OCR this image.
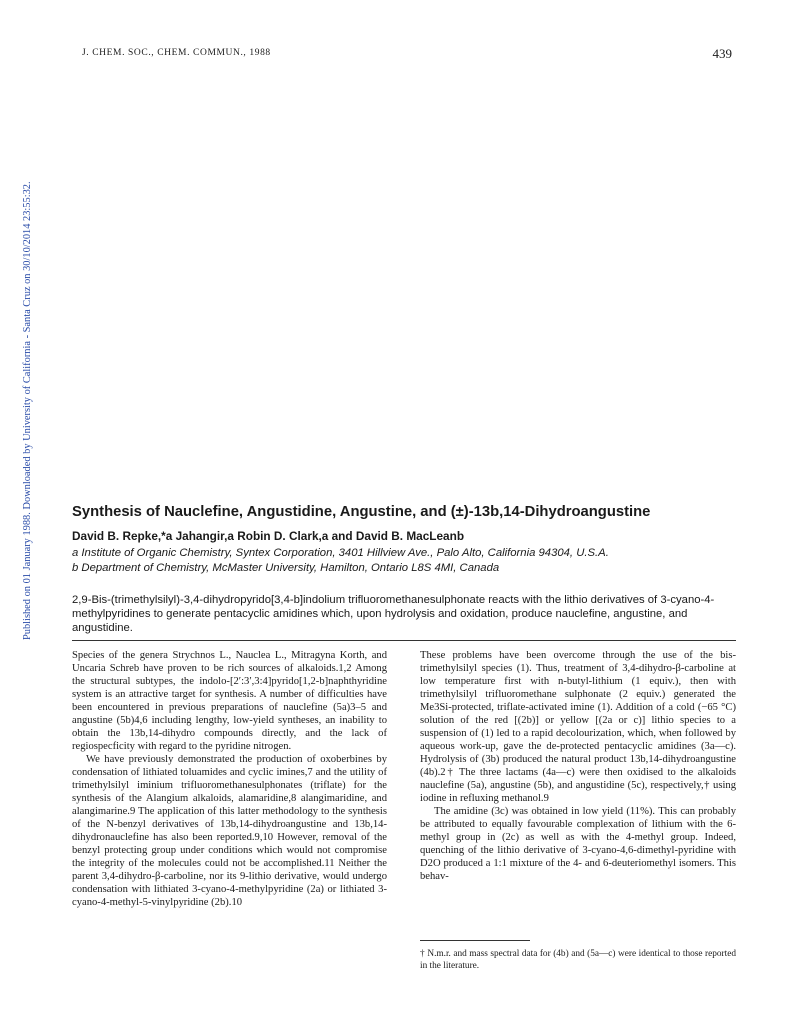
Published on 01 January 1988. Downloaded by University of California - Santa Cruz on 30/10/2014 23:55:32.
J. CHEM. SOC., CHEM. COMMUN., 1988	439
Synthesis of Nauclefine, Angustidine, Angustine, and (±)-13b,14-Dihydroangustine
David B. Repke,*a Jahangir,a Robin D. Clark,a and David B. MacLeanb
a Institute of Organic Chemistry, Syntex Corporation, 3401 Hillview Ave., Palo Alto, California 94304, U.S.A.
b Department of Chemistry, McMaster University, Hamilton, Ontario L8S 4MI, Canada
2,9-Bis-(trimethylsilyl)-3,4-dihydropyrido[3,4-b]indolium trifluoromethanesulphonate reacts with the lithio derivatives of 3-cyano-4-methylpyridines to generate pentacyclic amidines which, upon hydrolysis and oxidation, produce nauclefine, angustine, and angustidine.

Species of the genera Strychnos L., Nauclea L., Mitragyna Korth, and Uncaria Schreb have proven to be rich sources of alkaloids.1,2 Among the structural subtypes, the indolo-[2′:3′,3:4]pyrido[1,2-b]naphthyridine system is an attractive target for synthesis. A number of difficulties have been encountered in previous preparations of nauclefine (5a)3–5 and angustine (5b)4,6 including lengthy, low-yield syntheses, an inability to obtain the 13b,14-dihydro compounds directly, and the lack of regiospecficity with regard to the pyridine nitrogen.

We have previously demonstrated the production of oxoberbines by condensation of lithiated toluamides and cyclic imines,7 and the utility of trimethylsilyl iminium trifluoromethanesulphonates (triflate) for the synthesis of the Alangium alkaloids, alamaridine,8 alangimaridine, and alangimarine.9 The application of this latter methodology to the synthesis of the N-benzyl derivatives of 13b,14-dihydroangustine and 13b,14-dihydronauclefine has also been reported.9,10 However, removal of the benzyl protecting group under conditions which would not compromise the integrity of the molecules could not be accomplished.11 Neither the parent 3,4-dihydro-β-carboline, nor its 9-lithio derivative, would undergo condensation with lithiated 3-cyano-4-methylpyridine (2a) or lithiated 3-cyano-4-methyl-5-vinylpyridine (2b).10

These problems have been overcome through the use of the bis-trimethylsilyl species (1). Thus, treatment of 3,4-dihydro-β-carboline at low temperature first with n-butyl-lithium (1 equiv.), then with trimethylsilyl trifluoromethane sulphonate (2 equiv.) generated the Me3Si-protected, triflate-activated imine (1). Addition of a cold (−65 °C) solution of the red [(2b)] or yellow [(2a or c)] lithio species to a suspension of (1) led to a rapid decolourization, which, when followed by aqueous work-up, gave the de-protected pentacyclic amidines (3a—c). Hydrolysis of (3b) produced the natural product 13b,14-dihydroangustine (4b).2† The three lactams (4a—c) were then oxidised to the alkaloids nauclefine (5a), angustine (5b), and angustidine (5c), respectively,† using iodine in refluxing methanol.9

The amidine (3c) was obtained in low yield (11%). This can probably be attributed to equally favourable complexation of lithium with the 6-methyl group in (2c) as well as with the 4-methyl group. Indeed, quenching of the lithio derivative of 3-cyano-4,6-dimethyl-pyridine with D2O produced a 1:1 mixture of the 4- and 6-deuteriomethyl isomers. This behav-

† N.m.r. and mass spectral data for (4b) and (5a—c) were identical to those reported in the literature.
